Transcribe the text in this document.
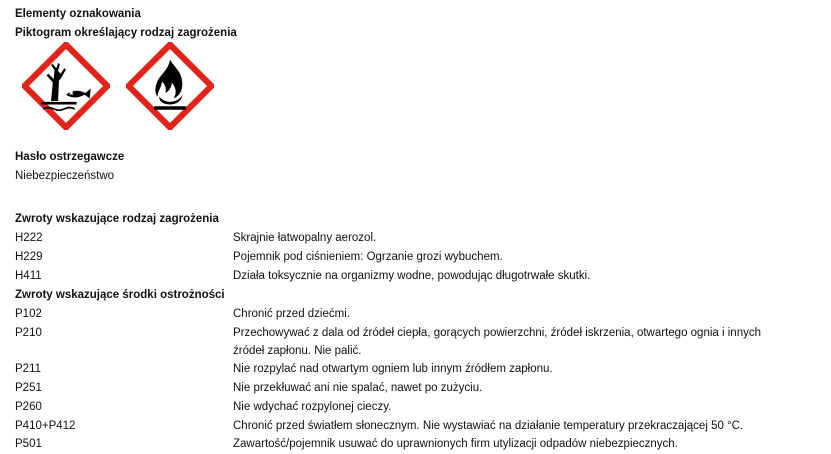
Elementy oznakowania
Piktogram określający rodzaj zagrożenia
Hasło ostrzegawcze
Niebezpieczeństwo
Zwroty wskazujące rodzaj zagrożenia
H222	Skrajnie łatwopalny aerozol.
H229	Pojemnik pod ciśnieniem: Ogrzanie grozi wybuchem.
H411	Działa toksycznie na organizmy wodne, powodując długotrwałe skutki.
Zwroty wskazujące środki ostrożności
P102	Chronić przed dziećmi.
P210	Przechowywać z dala od źródeł ciepła, gorących powierzchni, źródeł iskrzenia, otwartego ognia i innych źródeł zapłonu. Nie palić.
P211	Nie rozpylać nad otwartym ogniem lub innym źródłem zapłonu.
P251	Nie przekłuwać ani nie spalać, nawet po zużyciu.
P260	Nie wdychać rozpylonej cieczy.
P410+P412	Chronić przed światłem słonecznym. Nie wystawiać na działanie temperatury przekraczającej 50 °C.
P501	Zawartość/pojemnik usuwać do uprawnionych firm utylizacji odpadów niebezpiecznych.
